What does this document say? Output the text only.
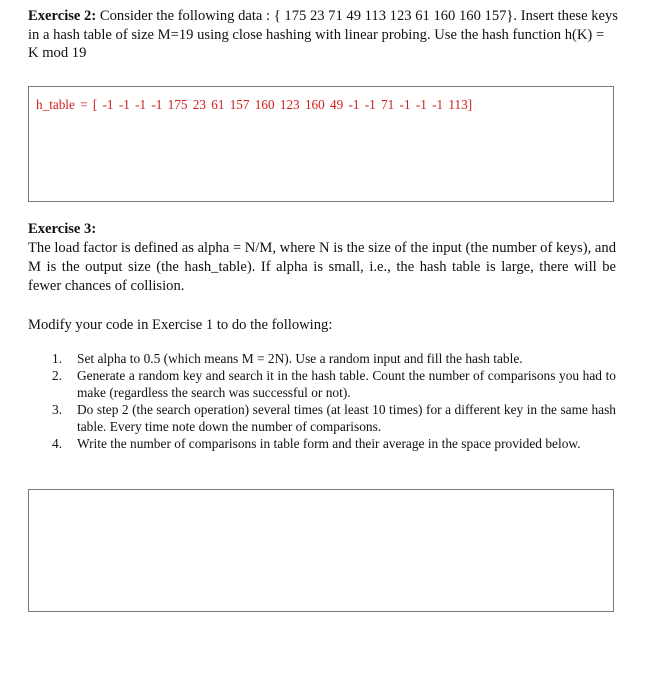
Exercise 2: Consider the following data : { 175 23 71 49 113 123 61 160 160 157}. Insert these keys in a hash table of size M=19 using close hashing with linear probing. Use the hash function h(K) = K mod 19
h_table = [ -1 -1 -1 -1 175 23 61 157 160 123 160 49 -1 -1 71 -1 -1 -1 113]
Exercise 3:
The load factor is defined as alpha = N/M, where N is the size of the input (the number of keys), and M is the output size (the hash_table). If alpha is small, i.e., the hash table is large, there will be fewer chances of collision.
Modify your code in Exercise 1 to do the following:
1. Set alpha to 0.5 (which means M = 2N). Use a random input and fill the hash table.
2. Generate a random key and search it in the hash table. Count the number of comparisons you had to make (regardless the search was successful or not).
3. Do step 2 (the search operation) several times (at least 10 times) for a different key in the same hash table. Every time note down the number of comparisons.
4. Write the number of comparisons in table form and their average in the space provided below.
